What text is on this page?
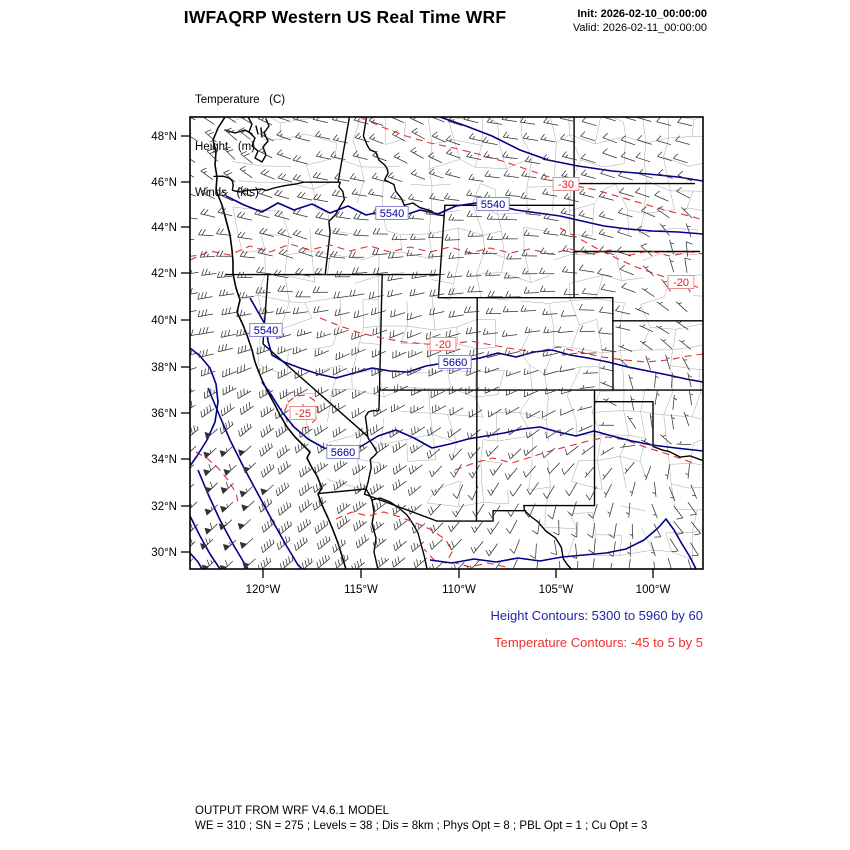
IWFAQRP Western US Real Time WRF	Init: 2026-02-10_00:00:00
Valid: 2026-02-11_00:00:00

Temperature   (C)

Height   (m)

Winds   (kts)

5540
5540
5540
5660
5660
-30
-20
-20
-25
48°N
46°N
44°N
42°N
40°N
38°N
36°N
34°N
32°N
30°N
120°W	115°W	110°W	105°W	100°W
Height Contours: 5300 to 5960 by 60
Temperature Contours: -45 to 5 by 5
OUTPUT FROM WRF V4.6.1 MODEL
WE = 310 ; SN = 275 ; Levels = 38 ; Dis = 8km ; Phys Opt = 8 ; PBL Opt = 1 ; Cu Opt = 3
